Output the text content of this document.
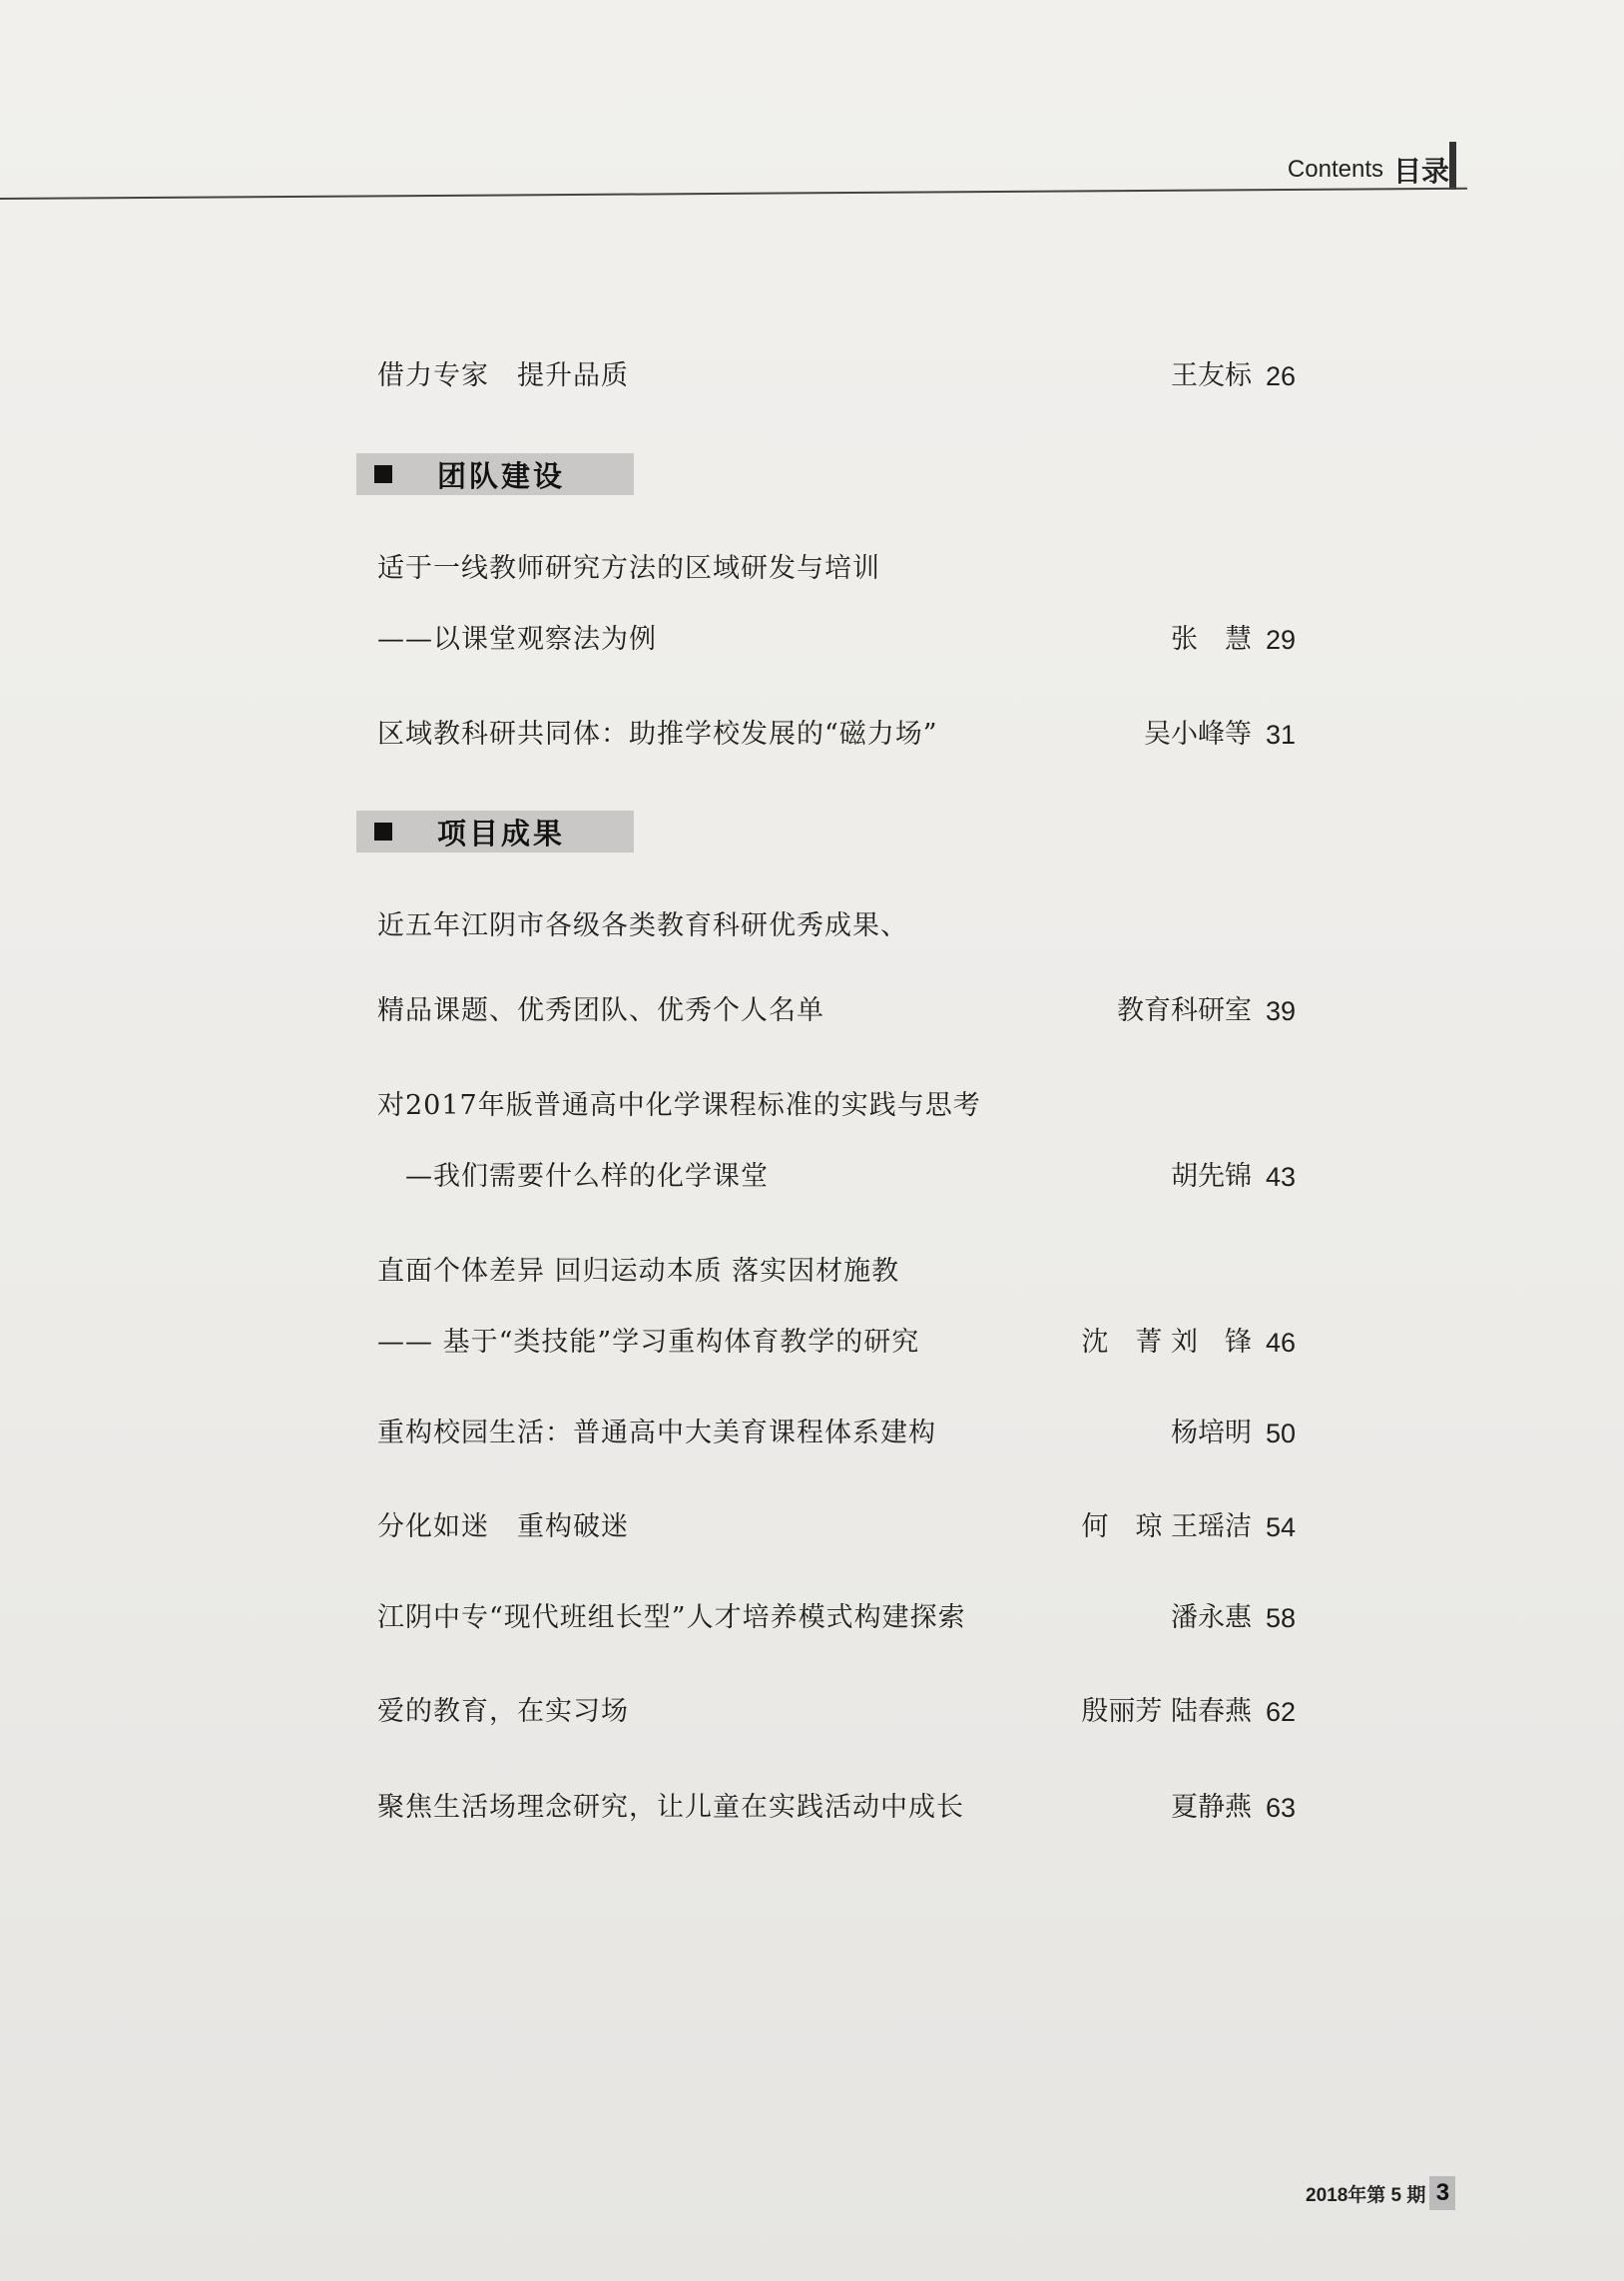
Contents 目录
借力专家　提升品质	王友标 26
团队建设
适于一线教师研究方法的区域研发与培训
——以课堂观察法为例	张　慧 29
区域教科研共同体：助推学校发展的“磁力场”	吴小峰等 31
项目成果
近五年江阴市各级各类教育科研优秀成果、
精品课题、优秀团队、优秀个人名单	教育科研室 39
对2017年版普通高中化学课程标准的实践与思考
—我们需要什么样的化学课堂	胡先锦 43
直面个体差异 回归运动本质 落实因材施教
—— 基于“类技能”学习重构体育教学的研究	沈　菁 刘　锋 46
重构校园生活：普通高中大美育课程体系建构	杨培明 50
分化如迷　重构破迷	何　琼 王瑶洁 54
江阴中专“现代班组长型”人才培养模式构建探索	潘永惠 58
爱的教育，在实习场	殷丽芳 陆春燕 62
聚焦生活场理念研究，让儿童在实践活动中成长	夏静燕 63
2018年第 5 期 3
